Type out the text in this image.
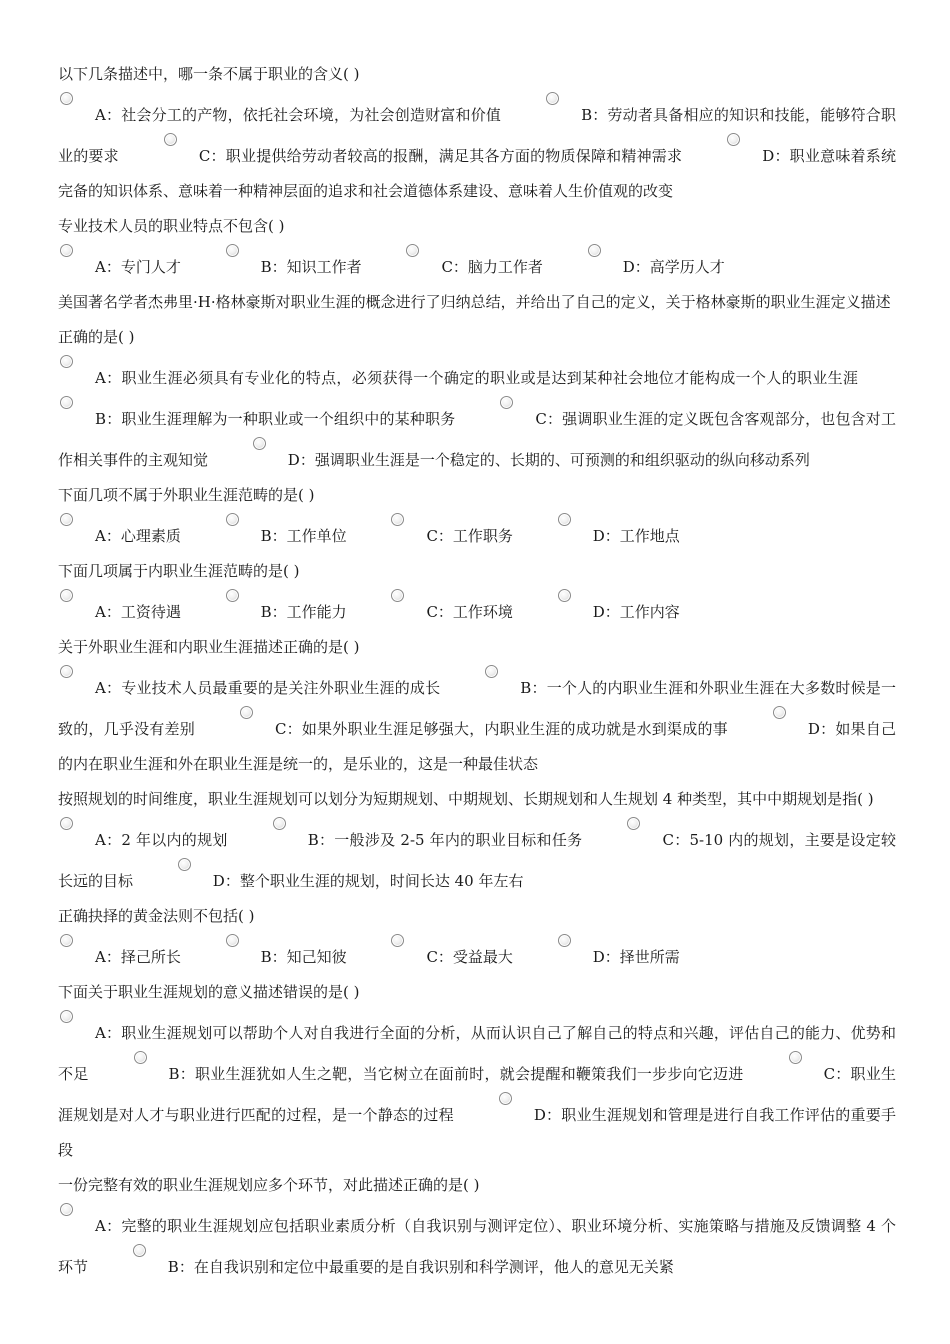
以下几条描述中，哪一条不属于职业的含义( )

A：社会分工的产物，依托社会环境，为社会创造财富和价值	B：劳动者具备相应的知识和技能，能够符合职业的要求	C：职业提供给劳动者较高的报酬，满足其各方面的物质保障和精神需求	D：职业意味着系统完备的知识体系、意味着一种精神层面的追求和社会道德体系建设、意味着人生价值观的改变

专业技术人员的职业特点不包含( )

A：专门人才	B：知识工作者	C：脑力工作者	D：高学历人才

美国著名学者杰弗里·H·格林豪斯对职业生涯的概念进行了归纳总结，并给出了自己的定义，关于格林豪斯的职业生涯定义描述正确的是( )

A：职业生涯必须具有专业化的特点，必须获得一个确定的职业或是达到某种社会地位才能构成一个人的职业生涯 B：职业生涯理解为一种职业或一个组织中的某种职务	C：强调职业生涯的定义既包含客观部分，也包含对工作相关事件的主观知觉	D：强调职业生涯是一个稳定的、长期的、可预测的和组织驱动的纵向移动系列

下面几项不属于外职业生涯范畴的是( )

A：心理素质	B：工作单位	C：工作职务	D：工作地点

下面几项属于内职业生涯范畴的是( )

A：工资待遇	B：工作能力	C：工作环境	D：工作内容

关于外职业生涯和内职业生涯描述正确的是( )

A：专业技术人员最重要的是关注外职业生涯的成长	B：一个人的内职业生涯和外职业生涯在大多数时候是一致的，几乎没有差别	C：如果外职业生涯足够强大，内职业生涯的成功就是水到渠成的事	D：如果自己的内在职业生涯和外在职业生涯是统一的，是乐业的，这是一种最佳状态

按照规划的时间维度，职业生涯规划可以划分为短期规划、中期规划、长期规划和人生规划 4 种类型，其中中期规划是指( )

A：2 年以内的规划	B：一般涉及 2-5 年内的职业目标和任务	C：5-10 内的规划，主要是设定较长远的目标	D：整个职业生涯的规划，时间长达 40 年左右

正确抉择的黄金法则不包括( )

A：择己所长	B：知己知彼	C：受益最大	D：择世所需

下面关于职业生涯规划的意义描述错误的是( )

A：职业生涯规划可以帮助个人对自我进行全面的分析，从而认识自己了解自己的特点和兴趣，评估自己的能力、优势和不足	B：职业生涯犹如人生之靶，当它树立在面前时，就会提醒和鞭策我们一步步向它迈进	C：职业生涯规划是对人才与职业进行匹配的过程，是一个静态的过程	D：职业生涯规划和管理是进行自我工作评估的重要手段

一份完整有效的职业生涯规划应多个环节，对此描述正确的是( )

A：完整的职业生涯规划应包括职业素质分析（自我识别与测评定位）、职业环境分析、实施策略与措施及反馈调整 4 个环节	B：在自我识别和定位中最重要的是自我识别和科学测评，他人的意见无关紧
